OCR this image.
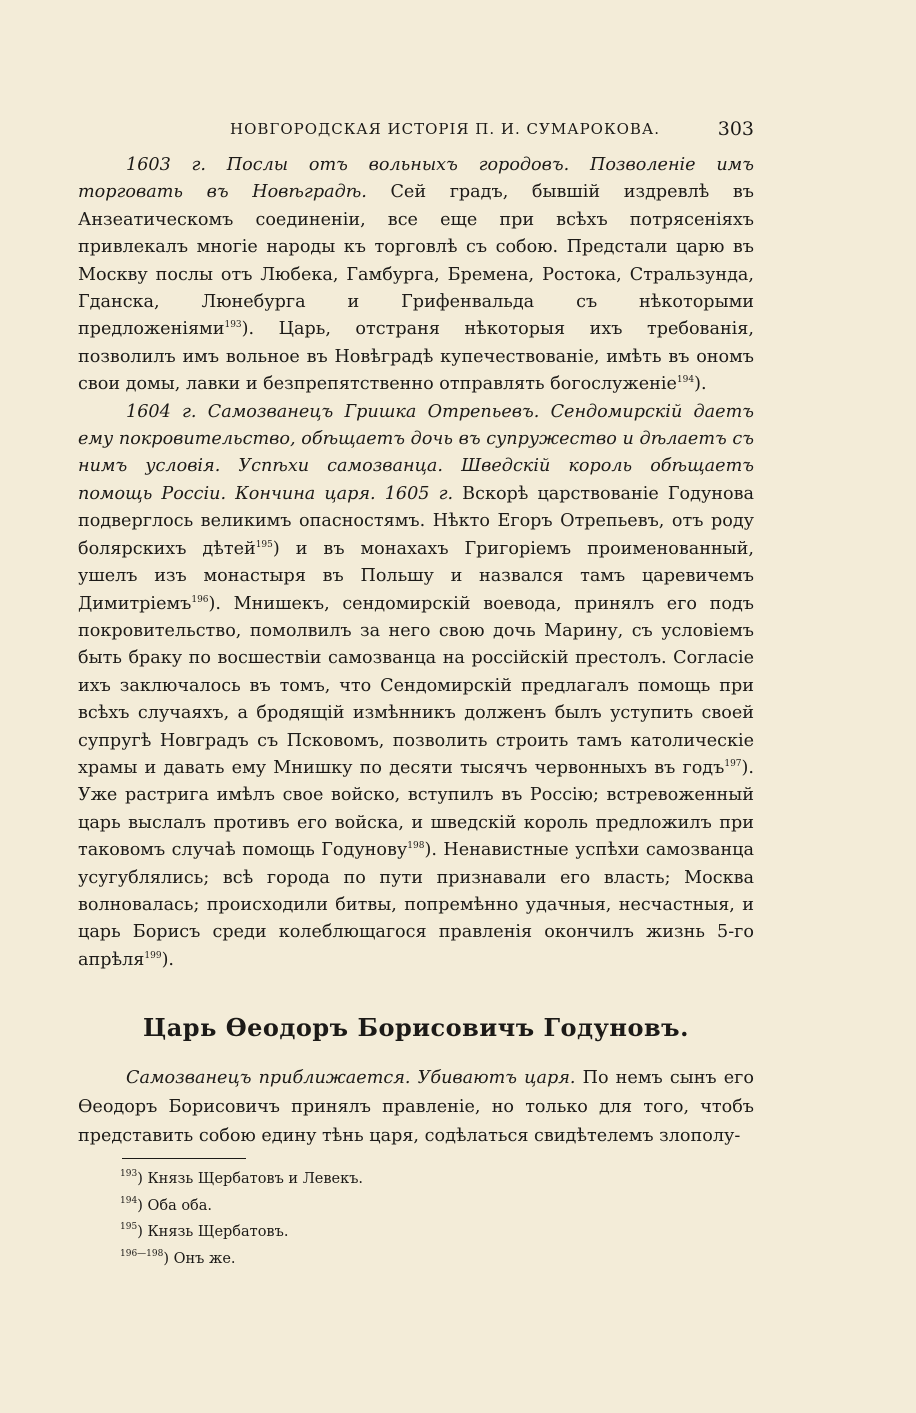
НОВГОРОДСКАЯ ИСТОРІЯ П. И. СУМАРОКОВА.	303

1603 г. Послы отъ вольныхъ городовъ. Позволеніе имъ торговать въ Новѣградѣ. Сей градъ, бывшій издревлѣ въ Анзеатическомъ соединеніи, все еще при всѣхъ потрясеніяхъ привлекалъ многіе народы къ торговлѣ съ собою. Предстали царю въ Москву послы отъ Любека, Гамбурга, Бремена, Ростока, Стральзунда, Гданска, Люнебурга и Грифенвальда съ нѣкоторыми предложеніями$^{193}$). Царь, отстраня нѣкоторыя ихъ требованія, позволилъ имъ вольное въ Новѣградѣ купечествованіе, имѣть въ ономъ свои домы, лавки и безпрепятственно отправлять богослуженіе$^{194}$).

1604 г. Самозванецъ Гришка Отрепьевъ. Сендомирскій даетъ ему покровительство, обѣщаетъ дочь въ супружество и дѣлаетъ съ нимъ условія. Успѣхи самозванца. Шведскій король обѣщаетъ помощь Россіи. Кончина царя. 1605 г. Вскорѣ царствованіе Годунова подверглось великимъ опасностямъ. Нѣкто Егоръ Отрепьевъ, отъ роду болярскихъ дѣтей$^{195}$) и въ монахахъ Григоріемъ проименованный, ушелъ изъ монастыря въ Польшу и назвался тамъ царевичемъ Димитріемъ$^{196}$). Мнишекъ, сендомирскій воевода, принялъ его подъ покровительство, помолвилъ за него свою дочь Марину, съ условіемъ быть браку по восшествіи самозванца на россійскій престолъ. Согласіе ихъ заключалось въ томъ, что Сендомирскій предлагалъ помощь при всѣхъ случаяхъ, а бродящій измѣнникъ долженъ былъ уступить своей супругѣ Новградъ съ Псковомъ, позволить строить тамъ католическіе храмы и давать ему Мнишку по десяти тысячъ червонныхъ въ годъ$^{197}$). Уже растрига имѣлъ свое войско, вступилъ въ Россію; встревоженный царь выслалъ противъ его войска, и шведскій король предложилъ при таковомъ случаѣ помощь Годунову$^{198}$). Ненавистные успѣхи самозванца усугублялись; всѣ города по пути признавали его власть; Москва волновалась; происходили битвы, попремѣнно удачныя, несчастныя, и царь Борисъ среди колеблющагося правленія окончилъ жизнь 5-го апрѣля$^{199}$).

Царь Ѳеодоръ Борисовичъ Годуновъ.

Самозванецъ приближается. Убиваютъ царя. По немъ сынъ его Ѳеодоръ Борисовичъ принялъ правленіе, но только для того, чтобъ представить собою едину тѣнь царя, содѣлаться свидѣтелемъ злополу-

$^{193}$) Князь Щербатовъ и Левекъ.
$^{194}$) Оба оба.
$^{195}$) Князь Щербатовъ.
$^{196—198}$) Онъ же.
